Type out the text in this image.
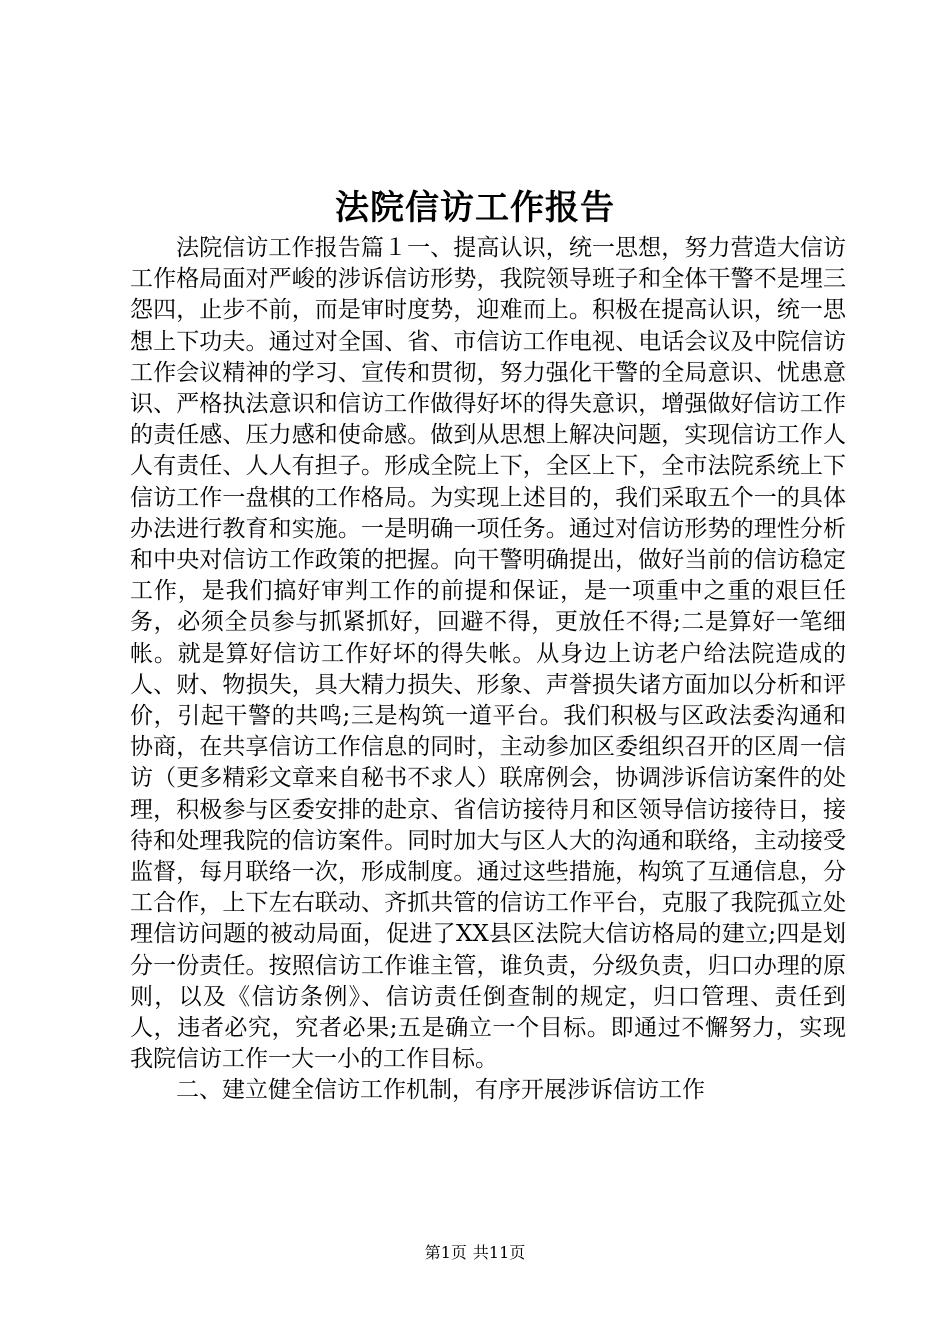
法院信访工作报告

法院信访工作报告篇１一、提高认识，统一思想，努力营造大信访工作格局面对严峻的涉诉信访形势，我院领导班子和全体干警不是埋三怨四，止步不前，而是审时度势，迎难而上。积极在提高认识，统一思想上下功夫。通过对全国、省、市信访工作电视、电话会议及中院信访工作会议精神的学习、宣传和贯彻，努力强化干警的全局意识、忧患意识、严格执法意识和信访工作做得好坏的得失意识，增强做好信访工作的责任感、压力感和使命感。做到从思想上解决问题，实现信访工作人人有责任、人人有担子。形成全院上下，全区上下，全市法院系统上下信访工作一盘棋的工作格局。为实现上述目的，我们采取五个一的具体办法进行教育和实施。一是明确一项任务。通过对信访形势的理性分析和中央对信访工作政策的把握。向干警明确提出，做好当前的信访稳定工作，是我们搞好审判工作的前提和保证，是一项重中之重的艰巨任务，必须全员参与抓紧抓好，回避不得，更放任不得;二是算好一笔细帐。就是算好信访工作好坏的得失帐。从身边上访老户给法院造成的人、财、物损失，具大精力损失、形象、声誉损失诸方面加以分析和评价，引起干警的共鸣;三是构筑一道平台。我们积极与区政法委沟通和协商，在共享信访工作信息的同时，主动参加区委组织召开的区周一信访（更多精彩文章来自秘书不求人）联席例会，协调涉诉信访案件的处理，积极参与区委安排的赴京、省信访接待月和区领导信访接待日，接待和处理我院的信访案件。同时加大与区人大的沟通和联络，主动接受监督，每月联络一次，形成制度。通过这些措施，构筑了互通信息，分工合作，上下左右联动、齐抓共管的信访工作平台，克服了我院孤立处理信访问题的被动局面，促进了XX县区法院大信访格局的建立;四是划分一份责任。按照信访工作谁主管，谁负责，分级负责，归口办理的原则，以及《信访条例》、信访责任倒查制的规定，归口管理、责任到人，违者必究，究者必果;五是确立一个目标。即通过不懈努力，实现我院信访工作一大一小的工作目标。

二、建立健全信访工作机制，有序开展涉诉信访工作

第1页 共11页
